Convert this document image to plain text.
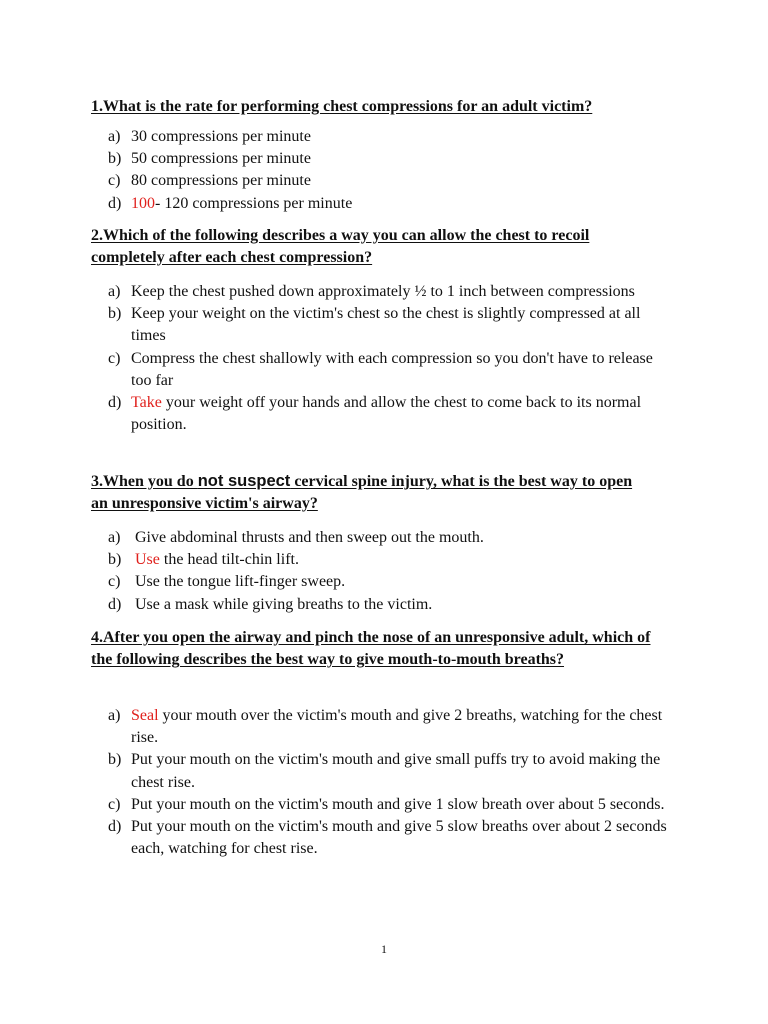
1.What is the rate for performing chest compressions for an adult victim?
a) 30 compressions per minute
b) 50 compressions per minute
c) 80 compressions per minute
d) 100- 120 compressions per minute
2.Which of the following describes a way you can allow the chest to recoil completely after each chest compression?
a) Keep the chest pushed down approximately ½ to 1 inch between compressions
b) Keep your weight on the victim's chest so the chest is slightly compressed at all times
c) Compress the chest shallowly with each compression so you don't have to release too far
d) Take your weight off your hands and allow the chest to come back to its normal position.
3.When you do not suspect cervical spine injury, what is the best way to open an unresponsive victim's airway?
a) Give abdominal thrusts and then sweep out the mouth.
b) Use the head tilt-chin lift.
c) Use the tongue lift-finger sweep.
d) Use a mask while giving breaths to the victim.
4.After you open the airway and pinch the nose of an unresponsive adult, which of the following describes the best way to give mouth-to-mouth breaths?
a) Seal your mouth over the victim's mouth and give 2 breaths, watching for the chest rise.
b) Put your mouth on the victim's mouth and give small puffs try to avoid making the chest rise.
c) Put your mouth on the victim's mouth and give 1 slow breath over about 5 seconds.
d) Put your mouth on the victim's mouth and give 5 slow breaths over about 2 seconds each, watching for chest rise.
1
